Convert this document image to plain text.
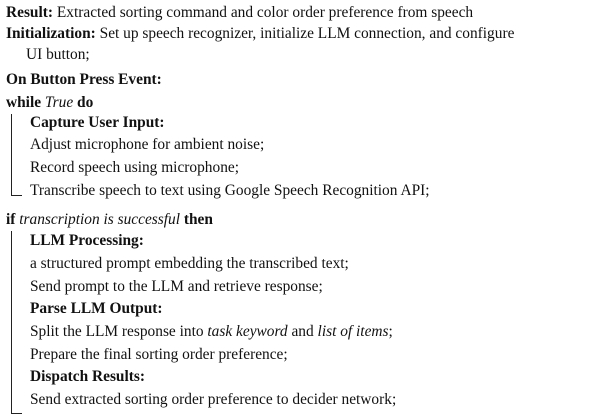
Result: Extracted sorting command and color order preference from speech
Initialization: Set up speech recognizer, initialize LLM connection, and configure
UI button;
On Button Press Event:
while True do
Capture User Input:
Adjust microphone for ambient noise;
Record speech using microphone;
Transcribe speech to text using Google Speech Recognition API;
if transcription is successful then
LLM Processing:
a structured prompt embedding the transcribed text;
Send prompt to the LLM and retrieve response;
Parse LLM Output:
Split the LLM response into task keyword and list of items;
Prepare the final sorting order preference;
Dispatch Results:
Send extracted sorting order preference to decider network;
